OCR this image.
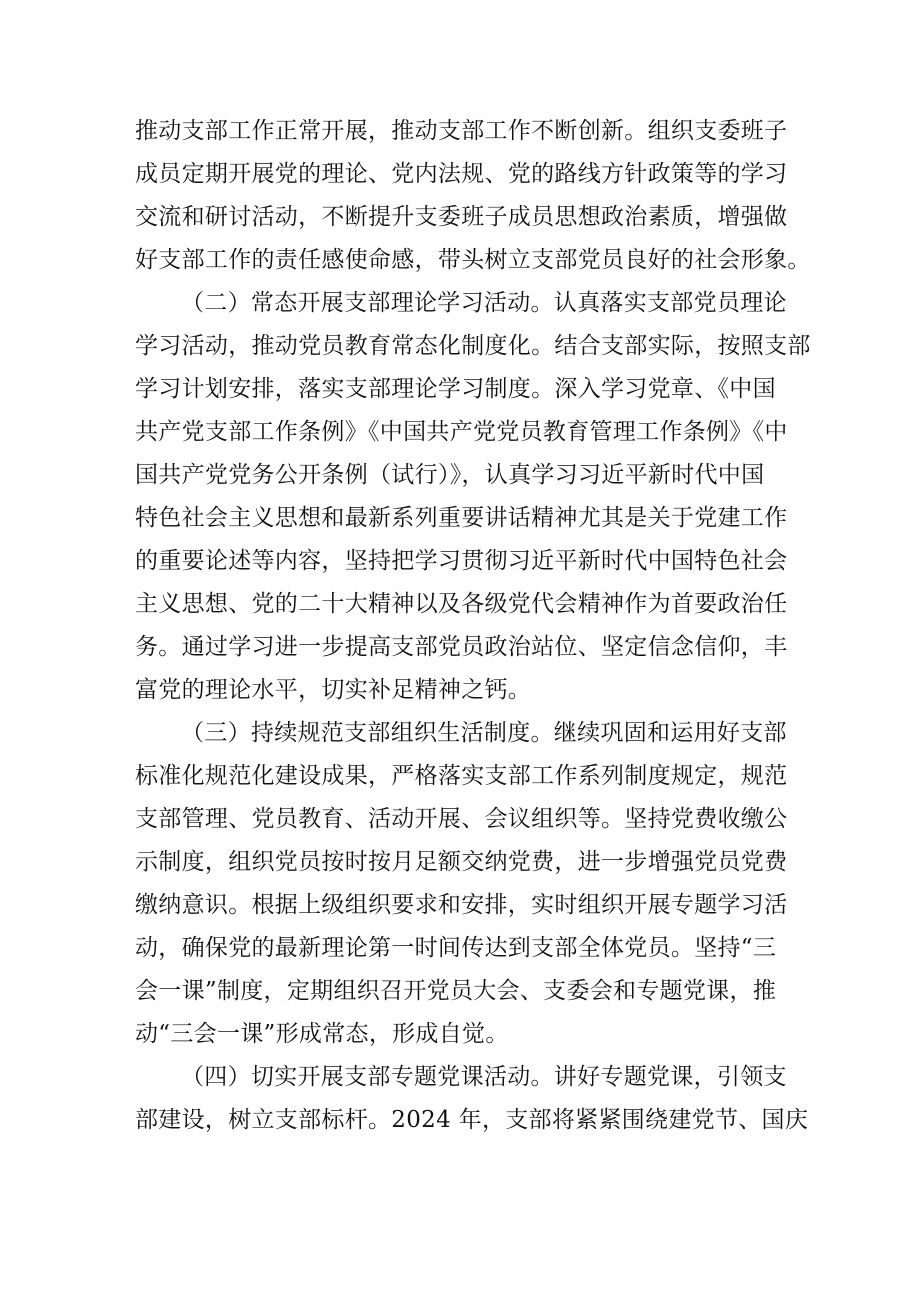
推动支部工作正常开展，推动支部工作不断创新。组织支委班子
成员定期开展党的理论、党内法规、党的路线方针政策等的学习
交流和研讨活动，不断提升支委班子成员思想政治素质，增强做
好支部工作的责任感使命感，带头树立支部党员良好的社会形象。
（二）常态开展支部理论学习活动。认真落实支部党员理论
学习活动，推动党员教育常态化制度化。结合支部实际，按照支部
学习计划安排，落实支部理论学习制度。深入学习党章、《中国
共产党支部工作条例》《中国共产党党员教育管理工作条例》《中
国共产党党务公开条例（试行）》，认真学习习近平新时代中国
特色社会主义思想和最新系列重要讲话精神尤其是关于党建工作
的重要论述等内容，坚持把学习贯彻习近平新时代中国特色社会
主义思想、党的二十大精神以及各级党代会精神作为首要政治任
务。通过学习进一步提高支部党员政治站位、坚定信念信仰，丰
富党的理论水平，切实补足精神之钙。
（三）持续规范支部组织生活制度。继续巩固和运用好支部
标准化规范化建设成果，严格落实支部工作系列制度规定，规范
支部管理、党员教育、活动开展、会议组织等。坚持党费收缴公
示制度，组织党员按时按月足额交纳党费，进一步增强党员党费
缴纳意识。根据上级组织要求和安排，实时组织开展专题学习活
动，确保党的最新理论第一时间传达到支部全体党员。坚持“三
会一课”制度，定期组织召开党员大会、支委会和专题党课，推
动“三会一课”形成常态，形成自觉。
（四）切实开展支部专题党课活动。讲好专题党课，引领支
部建设，树立支部标杆。2024 年，支部将紧紧围绕建党节、国庆
